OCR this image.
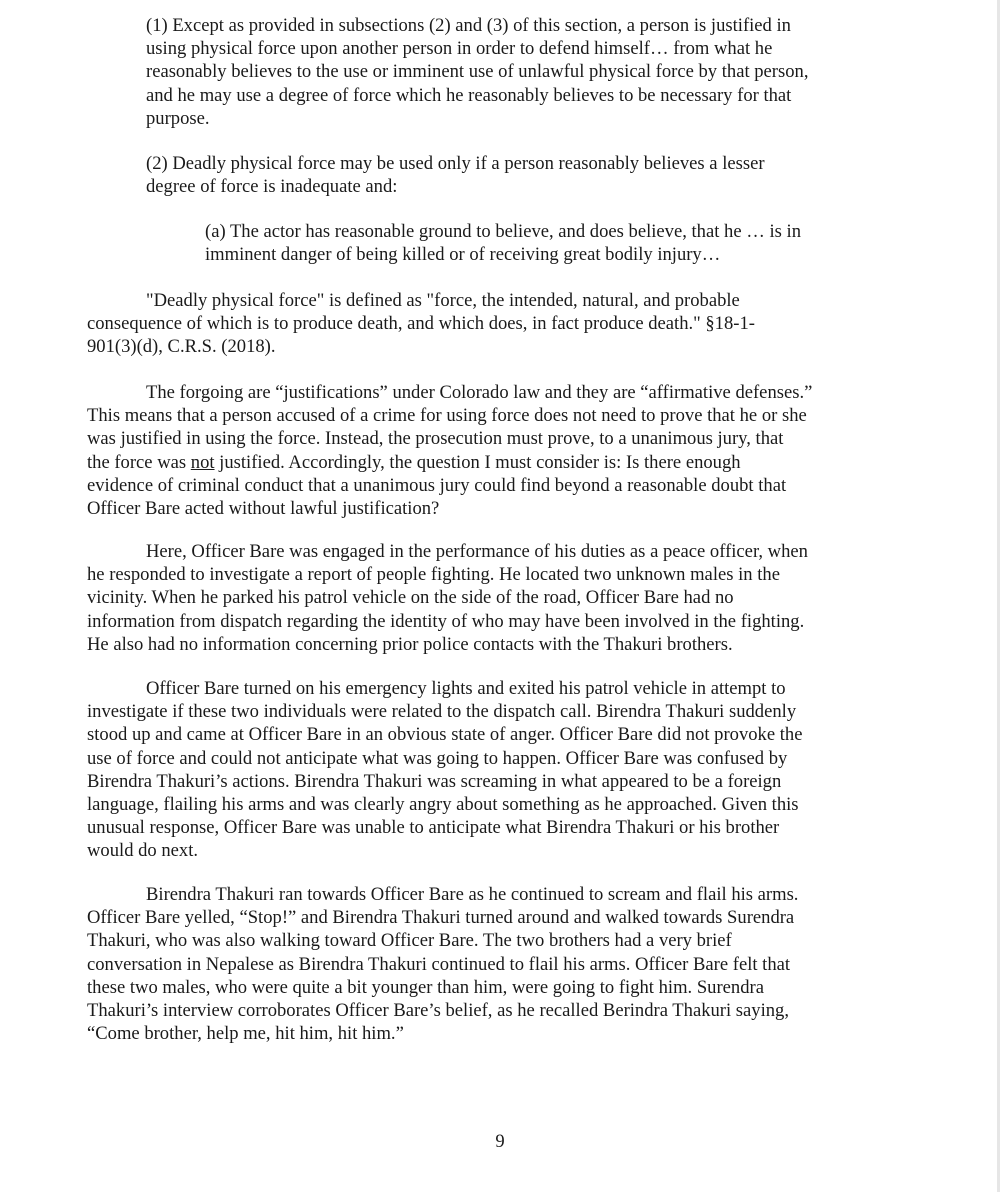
(1) Except as provided in subsections (2) and (3) of this section, a person is justified in
using physical force upon another person in order to defend himself… from what he
reasonably believes to the use or imminent use of unlawful physical force by that person,
and he may use a degree of force which he reasonably believes to be necessary for that
purpose.
(2) Deadly physical force may be used only if a person reasonably believes a lesser
degree of force is inadequate and:
(a) The actor has reasonable ground to believe, and does believe, that he … is in
imminent danger of being killed or of receiving great bodily injury…
"Deadly physical force" is defined as "force, the intended, natural, and probable
consequence of which is to produce death, and which does, in fact produce death." §18-1-
901(3)(d), C.R.S. (2018).
The forgoing are “justifications” under Colorado law and they are “affirmative defenses.”
This means that a person accused of a crime for using force does not need to prove that he or she
was justified in using the force. Instead, the prosecution must prove, to a unanimous jury, that
the force was not justified. Accordingly, the question I must consider is: Is there enough
evidence of criminal conduct that a unanimous jury could find beyond a reasonable doubt that
Officer Bare acted without lawful justification?
Here, Officer Bare was engaged in the performance of his duties as a peace officer, when
he responded to investigate a report of people fighting. He located two unknown males in the
vicinity. When he parked his patrol vehicle on the side of the road, Officer Bare had no
information from dispatch regarding the identity of who may have been involved in the fighting.
He also had no information concerning prior police contacts with the Thakuri brothers.
Officer Bare turned on his emergency lights and exited his patrol vehicle in attempt to
investigate if these two individuals were related to the dispatch call. Birendra Thakuri suddenly
stood up and came at Officer Bare in an obvious state of anger. Officer Bare did not provoke the
use of force and could not anticipate what was going to happen. Officer Bare was confused by
Birendra Thakuri’s actions. Birendra Thakuri was screaming in what appeared to be a foreign
language, flailing his arms and was clearly angry about something as he approached. Given this
unusual response, Officer Bare was unable to anticipate what Birendra Thakuri or his brother
would do next.
Birendra Thakuri ran towards Officer Bare as he continued to scream and flail his arms.
Officer Bare yelled, “Stop!” and Birendra Thakuri turned around and walked towards Surendra
Thakuri, who was also walking toward Officer Bare. The two brothers had a very brief
conversation in Nepalese as Birendra Thakuri continued to flail his arms. Officer Bare felt that
these two males, who were quite a bit younger than him, were going to fight him. Surendra
Thakuri’s interview corroborates Officer Bare’s belief, as he recalled Berindra Thakuri saying,
“Come brother, help me, hit him, hit him.”
9
